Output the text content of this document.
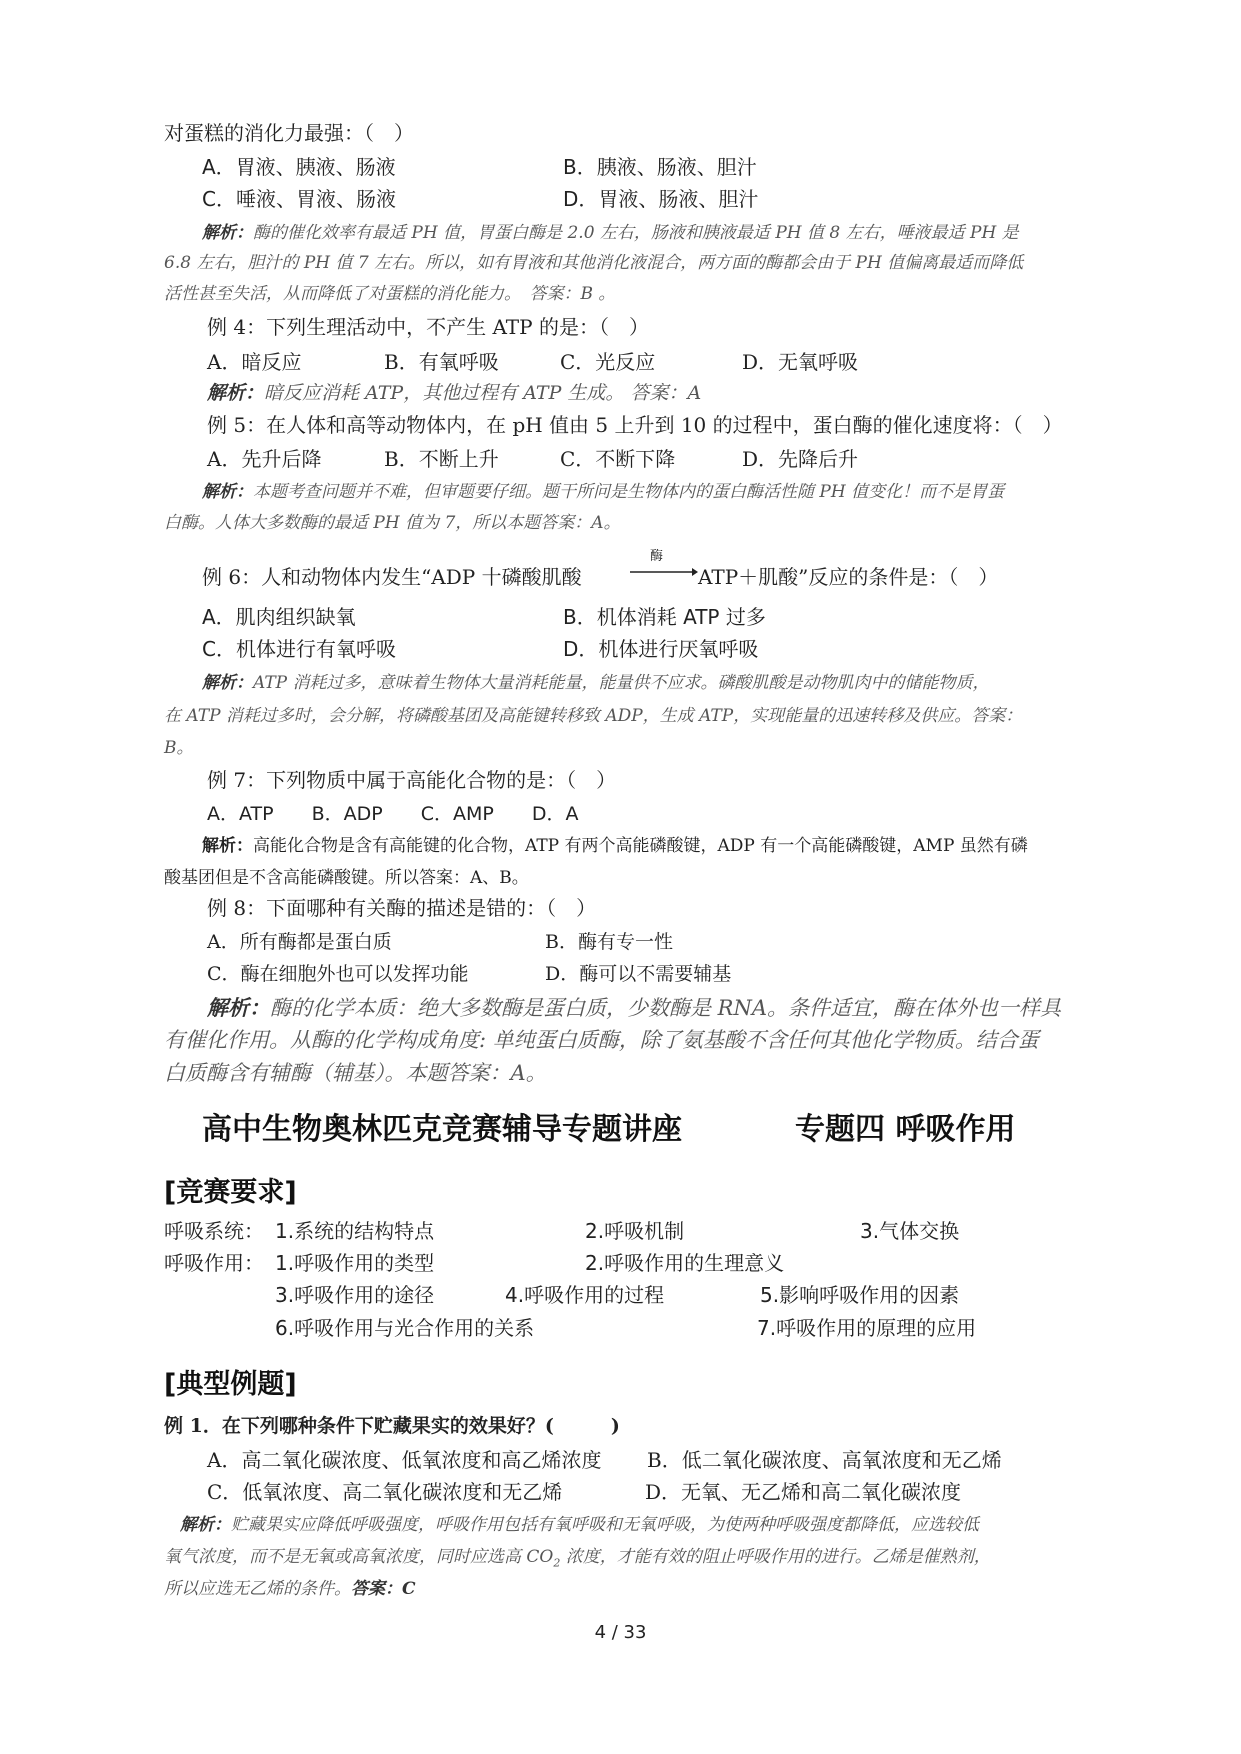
对蛋糕的消化力最强：（　）
A．胃液、胰液、肠液	B．胰液、肠液、胆汁
C．唾液、胃液、肠液	D．胃液、肠液、胆汁
解析：酶的催化效率有最适 PH 值，胃蛋白酶是 2.0 左右，肠液和胰液最适 PH 值 8 左右，唾液最适 PH 是
6.8 左右，胆汁的 PH 值 7 左右。所以，如有胃液和其他消化液混合，两方面的酶都会由于 PH 值偏离最适而降低
活性甚至失活，从而降低了对蛋糕的消化能力。　答案：B 。
例 4：下列生理活动中，不产生 ATP 的是：（　）
A．暗反应	B．有氧呼吸	C．光反应	D．无氧呼吸
解析：暗反应消耗 ATP，其他过程有 ATP 生成。 答案：A
例 5：在人体和高等动物体内，在 pH 值由 5 上升到 10 的过程中，蛋白酶的催化速度将：（　）
A．先升后降	B．不断上升	C．不断下降	D．先降后升
解析：本题考查问题并不难，但审题要仔细。题干所问是生物体内的蛋白酶活性随 PH 值变化！而不是胃蛋
白酶。人体大多数酶的最适 PH 值为 7，所以本题答案：A。
例 6：人和动物体内发生“ADP 十磷酸肌酸
酶
ATP＋肌酸”反应的条件是：（　）
A．肌肉组织缺氧	B．机体消耗 ATP 过多
C．机体进行有氧呼吸	D．机体进行厌氧呼吸
解析：ATP 消耗过多，意味着生物体大量消耗能量，能量供不应求。磷酸肌酸是动物肌肉中的储能物质，
在 ATP 消耗过多时，会分解，将磷酸基团及高能键转移致 ADP，生成 ATP，实现能量的迅速转移及供应。答案：
B。
例 7：下列物质中属于高能化合物的是：（　）
A．ATP　　B．ADP　　C．AMP　　D．A
解析：高能化合物是含有高能键的化合物，ATP 有两个高能磷酸键，ADP 有一个高能磷酸键，AMP 虽然有磷
酸基团但是不含高能磷酸键。所以答案：A、B。
例 8：下面哪种有关酶的描述是错的：（　）
A．所有酶都是蛋白质	B．酶有专一性
C．酶在细胞外也可以发挥功能	D．酶可以不需要辅基
解析：酶的化学本质：绝大多数酶是蛋白质，少数酶是 RNA。条件适宜，酶在体外也一样具
有催化作用。从酶的化学构成角度: 单纯蛋白质酶，除了氨基酸不含任何其他化学物质。结合蛋
白质酶含有辅酶（辅基）。本题答案：A。
高中生物奥林匹克竞赛辅导专题讲座	专题四 呼吸作用
[竞赛要求]
呼吸系统： 1.系统的结构特点	2.呼吸机制	3.气体交换
呼吸作用： 1.呼吸作用的类型	2.呼吸作用的生理意义
3.呼吸作用的途径	4.呼吸作用的过程	5.影响呼吸作用的因素
6.呼吸作用与光合作用的关系	7.呼吸作用的原理的应用
[典型例题]
例 1．在下列哪种条件下贮藏果实的效果好？(　　　)
A．高二氧化碳浓度、低氧浓度和高乙烯浓度 B．低二氧化碳浓度、高氧浓度和无乙烯
C．低氧浓度、高二氧化碳浓度和无乙烯	D．无氧、无乙烯和高二氧化碳浓度
解析：贮藏果实应降低呼吸强度，呼吸作用包括有氧呼吸和无氧呼吸，为使两种呼吸强度都降低，应选较低
氧气浓度，而不是无氧或高氧浓度，同时应选高 $CO_2$ 浓度，才能有效的阻止呼吸作用的进行。乙烯是催熟剂，
所以应选无乙烯的条件。答案：C
4 / 33
